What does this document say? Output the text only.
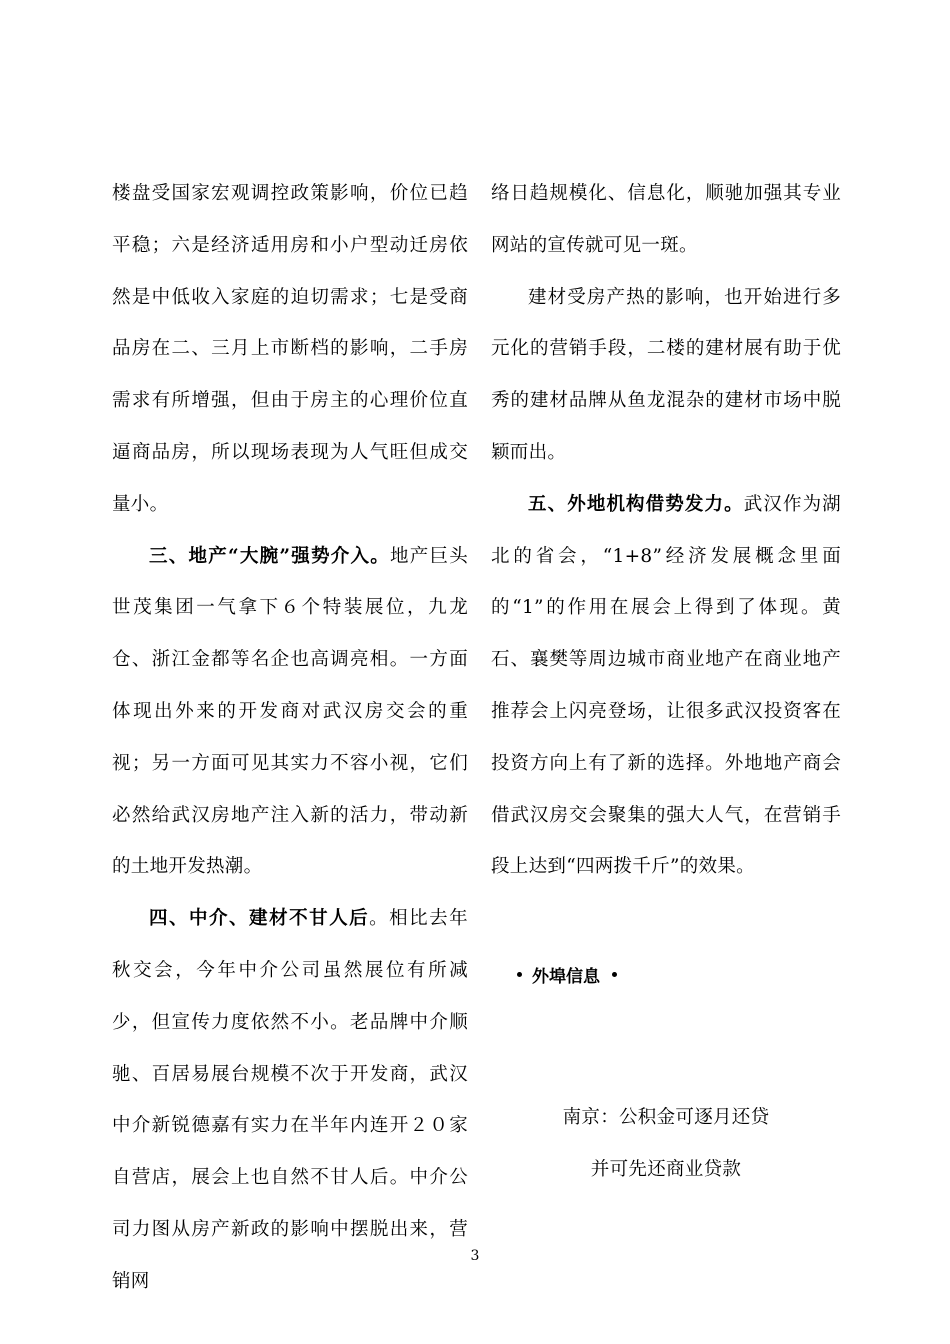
楼盘受国家宏观调控政策影响，价位已趋平稳；六是经济适用房和小户型动迁房依然是中低收入家庭的迫切需求；七是受商品房在二、三月上市断档的影响，二手房需求有所增强，但由于房主的心理价位直逼商品房，所以现场表现为人气旺但成交量小。

三、地产“大腕”强势介入。地产巨头世茂集团一气拿下６个特装展位，九龙仓、浙江金都等名企也高调亮相。一方面体现出外来的开发商对武汉房交会的重视；另一方面可见其实力不容小视，它们必然给武汉房地产注入新的活力，带动新的土地开发热潮。

四、中介、建材不甘人后。相比去年秋交会，今年中介公司虽然展位有所减少，但宣传力度依然不小。老品牌中介顺驰、百居易展台规模不次于开发商，武汉中介新锐德嘉有实力在半年内连开２０家自营店，展会上也自然不甘人后。中介公司力图从房产新政的影响中摆脱出来，营销网

络日趋规模化、信息化，顺驰加强其专业网站的宣传就可见一斑。

建材受房产热的影响，也开始进行多元化的营销手段，二楼的建材展有助于优秀的建材品牌从鱼龙混杂的建材市场中脱颖而出。

五、外地机构借势发力。武汉作为湖北的省会，“1+8”经济发展概念里面的“1”的作用在展会上得到了体现。黄石、襄樊等周边城市商业地产在商业地产推荐会上闪亮登场，让很多武汉投资客在投资方向上有了新的选择。外地地产商会借武汉房交会聚集的强大人气，在营销手段上达到“四两拨千斤”的效果。

外埠信息
南京：公积金可逐月还贷
并可先还商业贷款
3
